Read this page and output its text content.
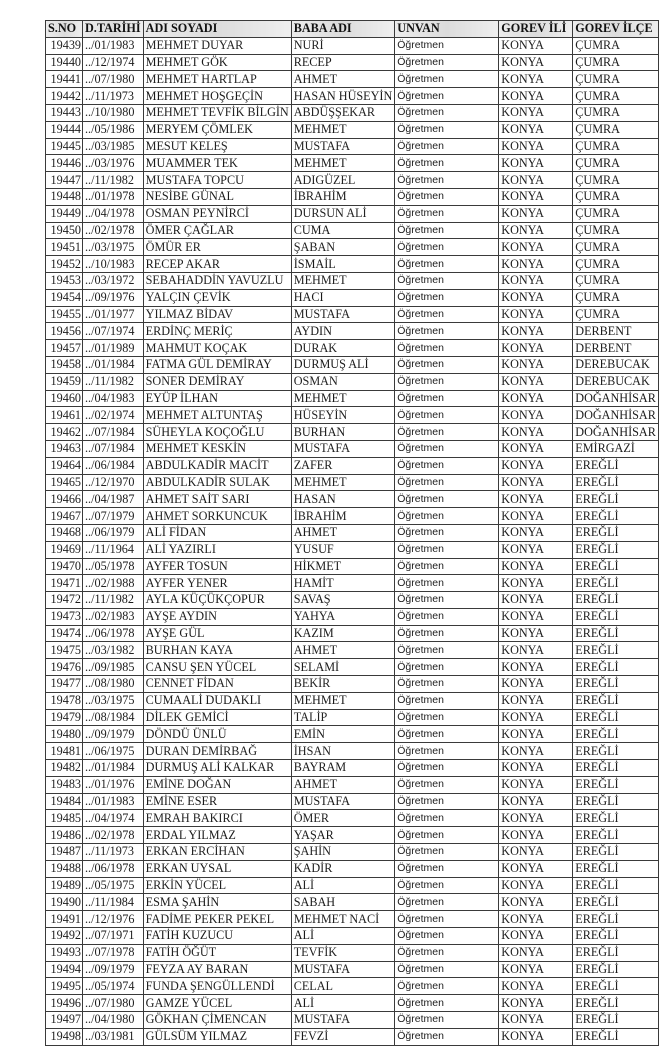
S.NO	D.TARİHİ	ADI SOYADI	BABA ADI	UNVAN	GOREV İLİ	GOREV İLÇE
19439	../01/1983	MEHMET DUYAR	NURİ	Öğretmen	KONYA	ÇUMRA
19440	../12/1974	MEHMET GÖK	RECEP	Öğretmen	KONYA	ÇUMRA
19441	../07/1980	MEHMET HARTLAP	AHMET	Öğretmen	KONYA	ÇUMRA
19442	../11/1973	MEHMET HOŞGEÇİN	HASAN HÜSEYİN	Öğretmen	KONYA	ÇUMRA
19443	../10/1980	MEHMET TEVFİK BİLGİN	ABDÜŞŞEKAR	Öğretmen	KONYA	ÇUMRA
19444	../05/1986	MERYEM ÇÖMLEK	MEHMET	Öğretmen	KONYA	ÇUMRA
19445	../03/1985	MESUT KELEŞ	MUSTAFA	Öğretmen	KONYA	ÇUMRA
19446	../03/1976	MUAMMER TEK	MEHMET	Öğretmen	KONYA	ÇUMRA
19447	../11/1982	MUSTAFA TOPCU	ADIGÜZEL	Öğretmen	KONYA	ÇUMRA
19448	../01/1978	NESİBE GÜNAL	İBRAHİM	Öğretmen	KONYA	ÇUMRA
19449	../04/1978	OSMAN PEYNİRCİ	DURSUN ALİ	Öğretmen	KONYA	ÇUMRA
19450	../02/1978	ÖMER ÇAĞLAR	CUMA	Öğretmen	KONYA	ÇUMRA
19451	../03/1975	ÖMÜR ER	ŞABAN	Öğretmen	KONYA	ÇUMRA
19452	../10/1983	RECEP AKAR	İSMAİL	Öğretmen	KONYA	ÇUMRA
19453	../03/1972	SEBAHADDİN YAVUZLU	MEHMET	Öğretmen	KONYA	ÇUMRA
19454	../09/1976	YALÇIN ÇEVİK	HACI	Öğretmen	KONYA	ÇUMRA
19455	../01/1977	YILMAZ BİDAV	MUSTAFA	Öğretmen	KONYA	ÇUMRA
19456	../07/1974	ERDİNÇ MERİÇ	AYDIN	Öğretmen	KONYA	DERBENT
19457	../01/1989	MAHMUT KOÇAK	DURAK	Öğretmen	KONYA	DERBENT
19458	../01/1984	FATMA GÜL DEMİRAY	DURMUŞ ALİ	Öğretmen	KONYA	DEREBUCAK
19459	../11/1982	SONER DEMİRAY	OSMAN	Öğretmen	KONYA	DEREBUCAK
19460	../04/1983	EYÜP İLHAN	MEHMET	Öğretmen	KONYA	DOĞANHİSAR
19461	../02/1974	MEHMET ALTUNTAŞ	HÜSEYİN	Öğretmen	KONYA	DOĞANHİSAR
19462	../07/1984	SÜHEYLA KOÇOĞLU	BURHAN	Öğretmen	KONYA	DOĞANHİSAR
19463	../07/1984	MEHMET KESKİN	MUSTAFA	Öğretmen	KONYA	EMİRGAZİ
19464	../06/1984	ABDULKADİR MACİT	ZAFER	Öğretmen	KONYA	EREĞLİ
19465	../12/1970	ABDULKADİR SULAK	MEHMET	Öğretmen	KONYA	EREĞLİ
19466	../04/1987	AHMET SAİT SARI	HASAN	Öğretmen	KONYA	EREĞLİ
19467	../07/1979	AHMET SORKUNCUK	İBRAHİM	Öğretmen	KONYA	EREĞLİ
19468	../06/1979	ALİ FİDAN	AHMET	Öğretmen	KONYA	EREĞLİ
19469	../11/1964	ALİ YAZIRLI	YUSUF	Öğretmen	KONYA	EREĞLİ
19470	../05/1978	AYFER TOSUN	HİKMET	Öğretmen	KONYA	EREĞLİ
19471	../02/1988	AYFER YENER	HAMİT	Öğretmen	KONYA	EREĞLİ
19472	../11/1982	AYLA KÜÇÜKÇOPUR	SAVAŞ	Öğretmen	KONYA	EREĞLİ
19473	../02/1983	AYŞE AYDIN	YAHYA	Öğretmen	KONYA	EREĞLİ
19474	../06/1978	AYŞE GÜL	KAZIM	Öğretmen	KONYA	EREĞLİ
19475	../03/1982	BURHAN KAYA	AHMET	Öğretmen	KONYA	EREĞLİ
19476	../09/1985	CANSU ŞEN YÜCEL	SELAMİ	Öğretmen	KONYA	EREĞLİ
19477	../08/1980	CENNET FİDAN	BEKİR	Öğretmen	KONYA	EREĞLİ
19478	../03/1975	CUMAALİ DUDAKLI	MEHMET	Öğretmen	KONYA	EREĞLİ
19479	../08/1984	DİLEK GEMİCİ	TALİP	Öğretmen	KONYA	EREĞLİ
19480	../09/1979	DÖNDÜ ÜNLÜ	EMİN	Öğretmen	KONYA	EREĞLİ
19481	../06/1975	DURAN DEMİRBAĞ	İHSAN	Öğretmen	KONYA	EREĞLİ
19482	../01/1984	DURMUŞ ALİ KALKAR	BAYRAM	Öğretmen	KONYA	EREĞLİ
19483	../01/1976	EMİNE DOĞAN	AHMET	Öğretmen	KONYA	EREĞLİ
19484	../01/1983	EMİNE ESER	MUSTAFA	Öğretmen	KONYA	EREĞLİ
19485	../04/1974	EMRAH BAKIRCI	ÖMER	Öğretmen	KONYA	EREĞLİ
19486	../02/1978	ERDAL YILMAZ	YAŞAR	Öğretmen	KONYA	EREĞLİ
19487	../11/1973	ERKAN ERCİHAN	ŞAHİN	Öğretmen	KONYA	EREĞLİ
19488	../06/1978	ERKAN UYSAL	KADİR	Öğretmen	KONYA	EREĞLİ
19489	../05/1975	ERKİN YÜCEL	ALİ	Öğretmen	KONYA	EREĞLİ
19490	../11/1984	ESMA ŞAHİN	SABAH	Öğretmen	KONYA	EREĞLİ
19491	../12/1976	FADİME PEKER PEKEL	MEHMET NACİ	Öğretmen	KONYA	EREĞLİ
19492	../07/1971	FATİH KUZUCU	ALİ	Öğretmen	KONYA	EREĞLİ
19493	../07/1978	FATİH ÖĞÜT	TEVFİK	Öğretmen	KONYA	EREĞLİ
19494	../09/1979	FEYZA AY BARAN	MUSTAFA	Öğretmen	KONYA	EREĞLİ
19495	../05/1974	FUNDA ŞENGÜLLENDİ	CELAL	Öğretmen	KONYA	EREĞLİ
19496	../07/1980	GAMZE YÜCEL	ALİ	Öğretmen	KONYA	EREĞLİ
19497	../04/1980	GÖKHAN ÇİMENCAN	MUSTAFA	Öğretmen	KONYA	EREĞLİ
19498	../03/1981	GÜLSÜM YILMAZ	FEVZİ	Öğretmen	KONYA	EREĞLİ
